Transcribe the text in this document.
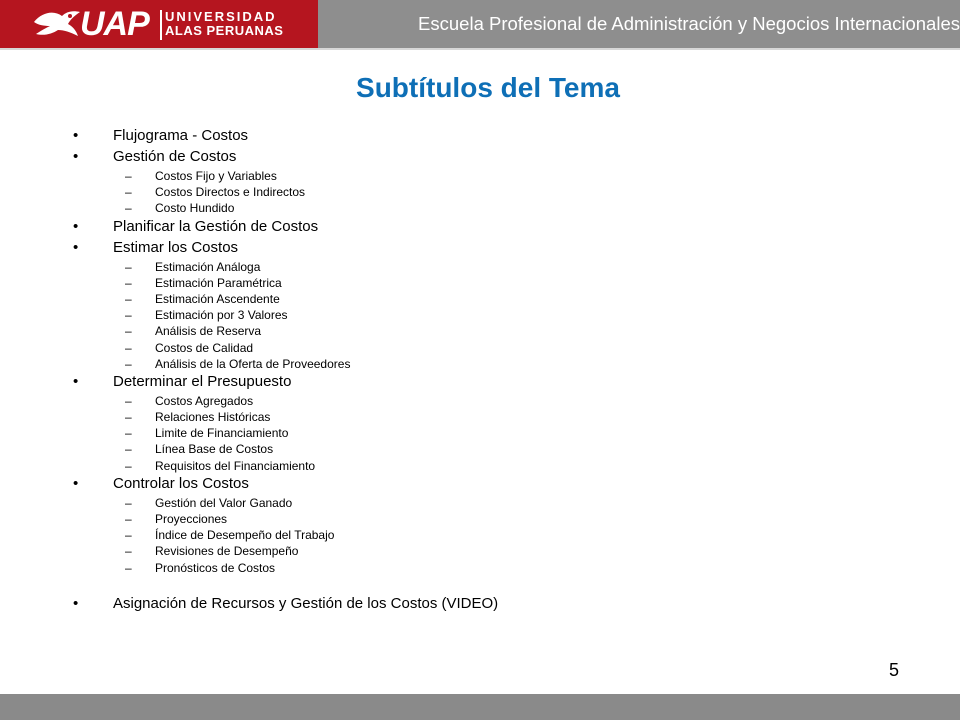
UAP UNIVERSIDAD
ALAS PERUANAS	Escuela Profesional de Administración y Negocios Internacionales
Subtítulos del Tema
• Flujograma - Costos
• Gestión de Costos
– Costos Fijo y Variables
– Costos Directos e Indirectos
– Costo Hundido
• Planificar la Gestión de Costos
• Estimar los Costos
– Estimación Análoga
– Estimación Paramétrica
– Estimación Ascendente
– Estimación por 3 Valores
– Análisis de Reserva
– Costos de Calidad
– Análisis de la Oferta de Proveedores
• Determinar el Presupuesto
– Costos Agregados
– Relaciones Históricas
– Limite de Financiamiento
– Línea Base de Costos
– Requisitos del Financiamiento
• Controlar los Costos
– Gestión del Valor Ganado
– Proyecciones
– Índice de Desempeño del Trabajo
– Revisiones de Desempeño
– Pronósticos de Costos
• Asignación de Recursos y Gestión de los Costos (VIDEO)
5
